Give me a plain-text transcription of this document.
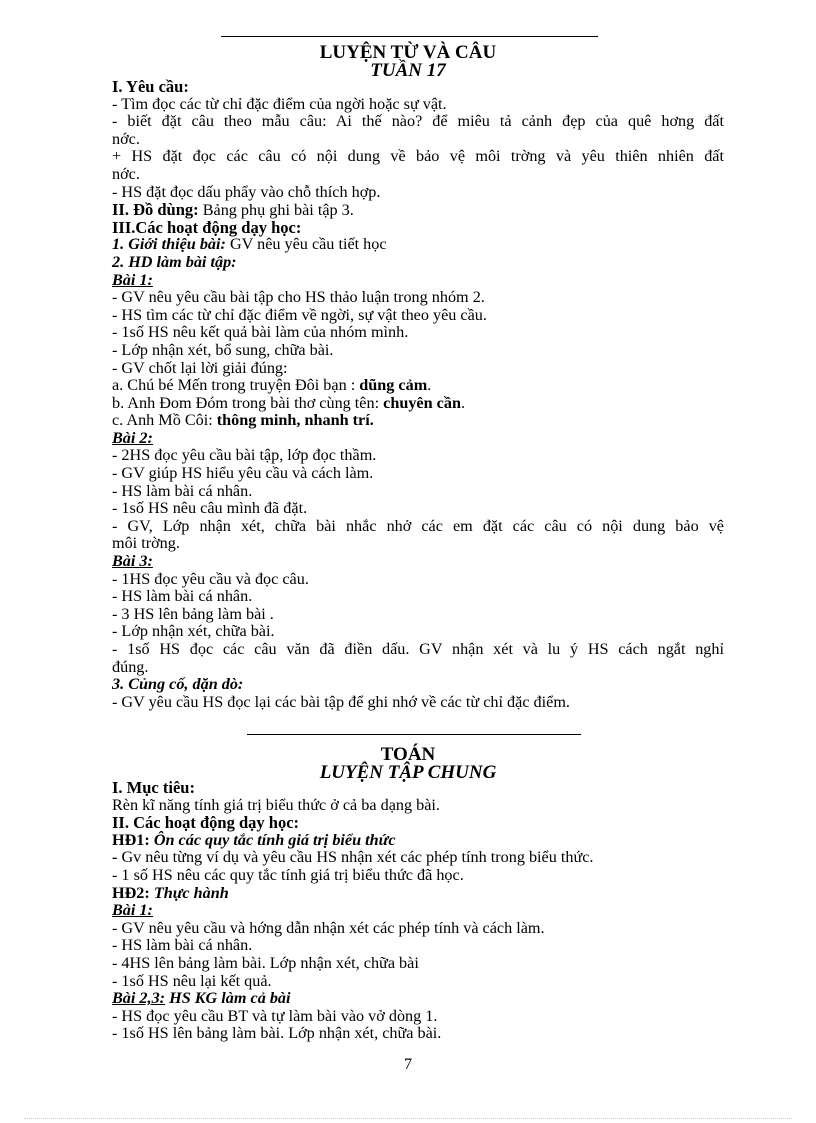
LUYỆN TỪ VÀ CÂU
TUẦN 17
I. Yêu cầu:
- Tìm đọc các từ chỉ đặc điểm của ngời hoặc sự vật.
- biết đặt câu theo mẫu câu: Ai thế nào? để miêu tả cảnh đẹp của quê hơng đất
nớc.
+ HS đặt đọc các câu có nội dung về bảo vệ môi trờng và yêu thiên nhiên đất
nớc.
- HS đặt đọc dấu phẩy vào chỗ thích hợp.
II. Đồ dùng: Bảng phụ ghi bài tập 3.
III.Các hoạt động dạy học:
1. Giới thiệu bài: GV nêu yêu cầu tiết học
2. HD làm bài tập:
Bài 1:
- GV nêu yêu cầu bài tập cho HS thảo luận trong nhóm 2.
- HS tìm các từ chỉ đặc điểm về ngời, sự vật theo yêu cầu.
- 1số HS nêu kết quả bài làm của nhóm mình.
- Lớp nhận xét, bổ sung, chữa bài.
- GV chốt lại lời giải đúng:
a. Chú bé Mến trong truyện Đôi bạn : dũng cảm.
b. Anh Đom Đóm trong bài thơ cùng tên: chuyên cần.
c. Anh Mồ Côi: thông minh, nhanh trí.
Bài 2:
- 2HS đọc yêu cầu bài tập, lớp đọc thầm.
- GV giúp HS hiểu yêu cầu và cách làm.
- HS làm bài cá nhân.
- 1số HS nêu câu mình đã đặt.
- GV, Lớp nhận xét, chữa bài nhắc nhở các em đặt các câu có nội dung bảo vệ
môi trờng.
Bài 3:
- 1HS đọc yêu cầu và đọc câu.
- HS làm bài cá nhân.
- 3 HS lên bảng làm bài .
- Lớp nhận xét, chữa bài.
- 1số HS đọc các câu văn đã điền dấu. GV nhận xét và lu ý HS cách ngắt nghỉ
đúng.
3. Củng cố, dặn dò:
- GV yêu cầu HS đọc lại các bài tập để ghi nhớ về các từ chỉ đặc điểm.
TOÁN
LUYỆN TẬP CHUNG
I. Mục tiêu:
Rèn kĩ năng tính giá trị biểu thức ở cả ba dạng bài.
II. Các hoạt động dạy học:
HĐ1: Ôn các quy tắc tính giá trị biểu thức
- Gv nêu từng ví dụ và yêu cầu HS nhận xét các phép tính trong biểu thức.
- 1 số HS nêu các quy tắc tính giá trị biểu thức đã học.
HĐ2: Thực hành
Bài 1:
- GV nêu yêu cầu và hớng dẫn nhận xét các phép tính và cách làm.
- HS làm bài cá nhân.
- 4HS lên bảng làm bài. Lớp nhận xét, chữa bài
- 1số HS nêu lại kết quả.
Bài 2,3: HS KG làm cả bài
- HS đọc yêu cầu BT và tự làm bài vào vở dòng 1.
- 1số HS lên bảng làm bài. Lớp nhận xét, chữa bài.
7
